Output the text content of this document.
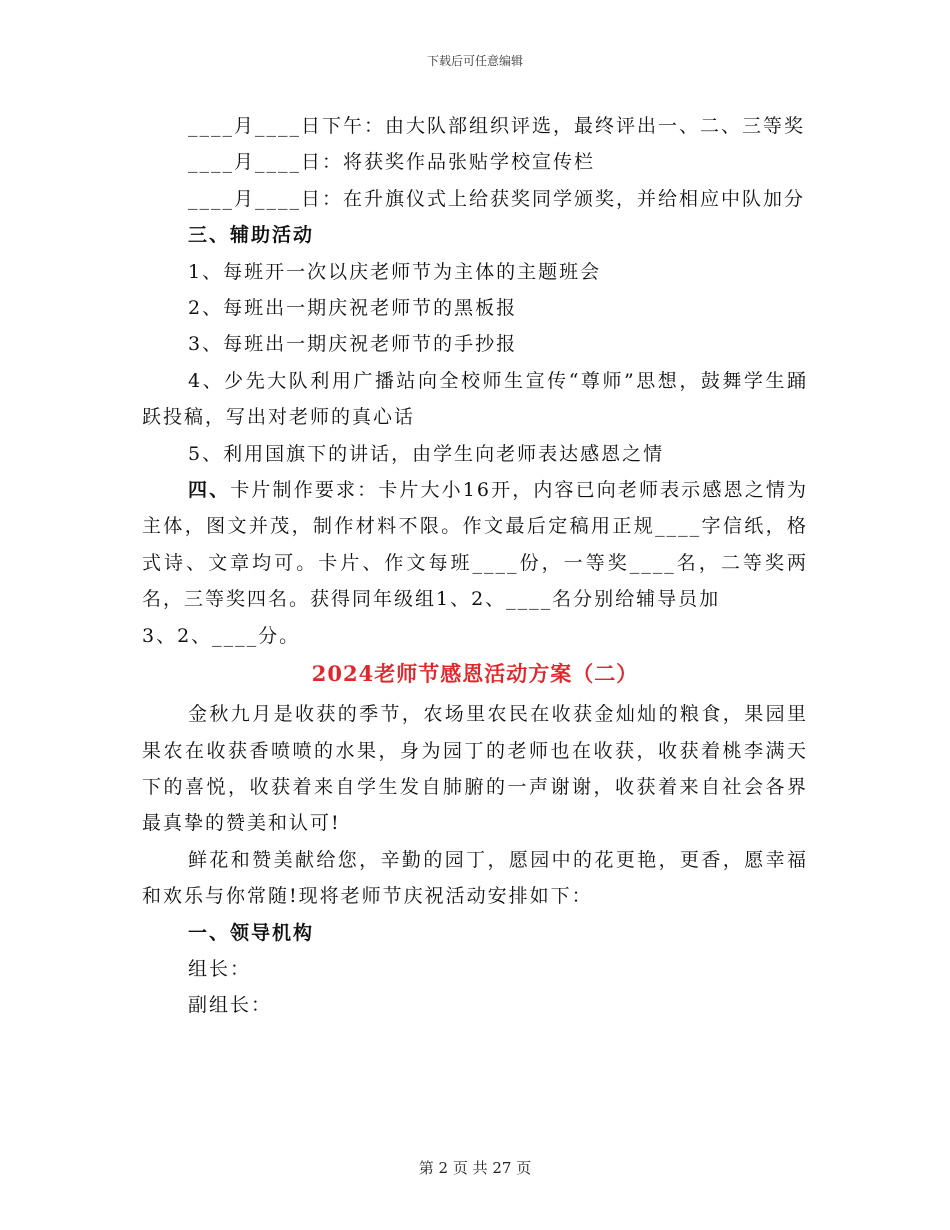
下载后可任意编辑

____月____日下午：由大队部组织评选，最终评出一、二、三等奖

____月____日：将获奖作品张贴学校宣传栏

____月____日：在升旗仪式上给获奖同学颁奖，并给相应中队加分

三、辅助活动

1、每班开一次以庆老师节为主体的主题班会

2、每班出一期庆祝老师节的黑板报

3、每班出一期庆祝老师节的手抄报

4、少先大队利用广播站向全校师生宣传“尊师”思想，鼓舞学生踊跃投稿，写出对老师的真心话

5、利用国旗下的讲话，由学生向老师表达感恩之情

四、卡片制作要求：卡片大小16开，内容已向老师表示感恩之情为主体，图文并茂，制作材料不限。作文最后定稿用正规____字信纸，格式诗、文章均可。卡片、作文每班____份，一等奖____名，二等奖两名，三等奖四名。获得同年级组1、2、____名分别给辅导员加

3、2、____分。

2024老师节感恩活动方案（二）

金秋九月是收获的季节，农场里农民在收获金灿灿的粮食，果园里果农在收获香喷喷的水果，身为园丁的老师也在收获，收获着桃李满天下的喜悦，收获着来自学生发自肺腑的一声谢谢，收获着来自社会各界最真挚的赞美和认可!

鲜花和赞美献给您，辛勤的园丁，愿园中的花更艳，更香，愿幸福和欢乐与你常随!现将老师节庆祝活动安排如下：

一、领导机构

组长：

副组长：

第 2 页 共 27 页
